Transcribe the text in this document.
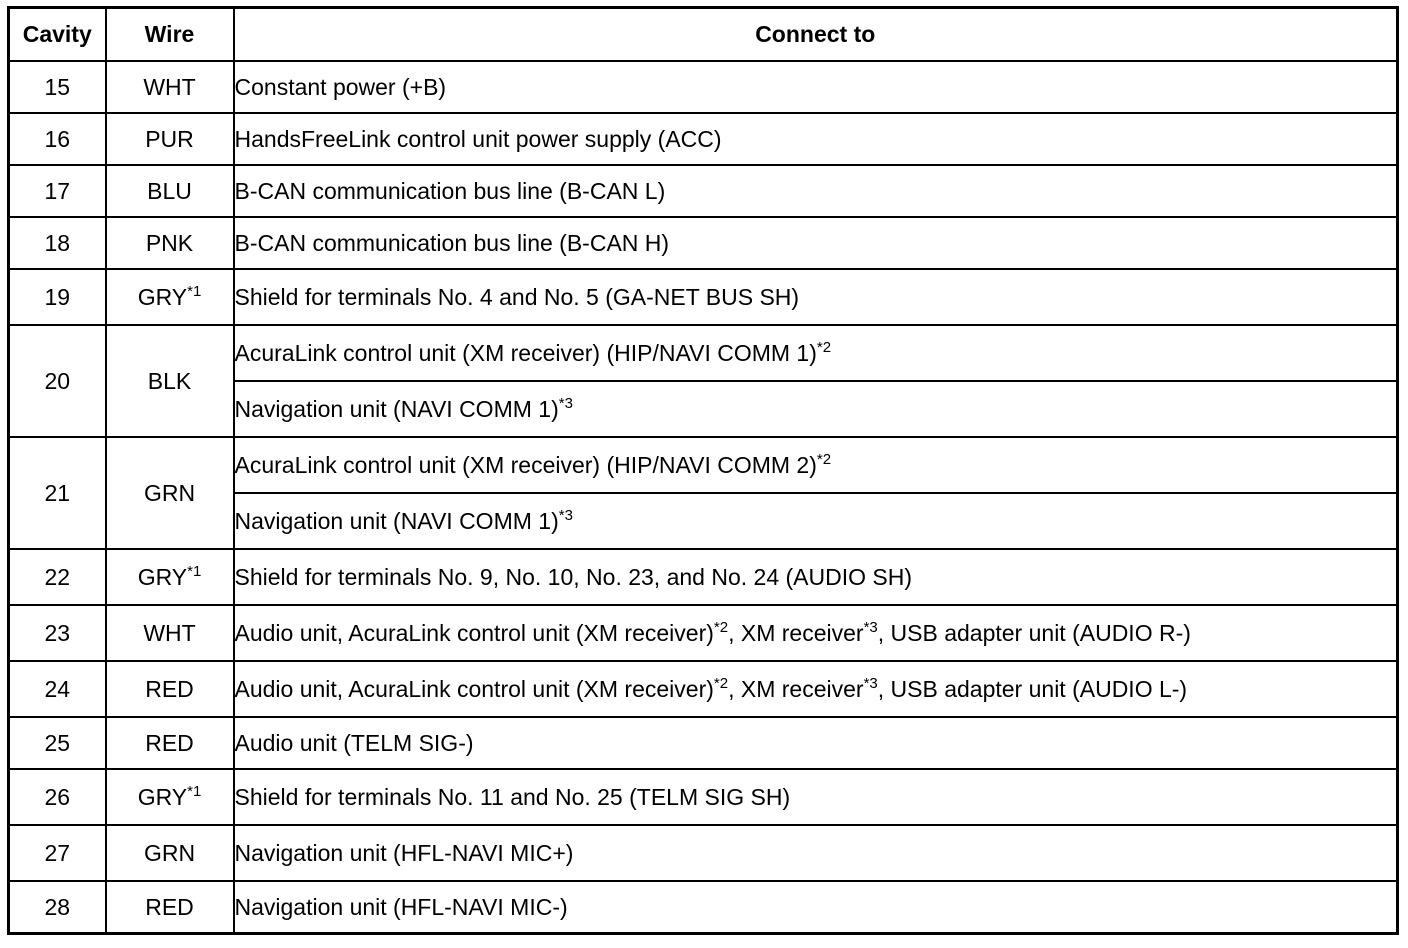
Cavity	Wire	Connect to
15	WHT	Constant power (+B)
16	PUR	HandsFreeLink control unit power supply (ACC)
17	BLU	B-CAN communication bus line (B-CAN L)
18	PNK	B-CAN communication bus line (B-CAN H)
19	GRY$^{*1}$	Shield for terminals No. 4 and No. 5 (GA-NET BUS SH)
20	BLK	AcuraLink control unit (XM receiver) (HIP/NAVI COMM 1)$^{*2}$
		Navigation unit (NAVI COMM 1)$^{*3}$
21	GRN	AcuraLink control unit (XM receiver) (HIP/NAVI COMM 2)$^{*2}$
		Navigation unit (NAVI COMM 1)$^{*3}$
22	GRY$^{*1}$	Shield for terminals No. 9, No. 10, No. 23, and No. 24 (AUDIO SH)
23	WHT	Audio unit, AcuraLink control unit (XM receiver)$^{*2}$, XM receiver$^{*3}$, USB adapter unit (AUDIO R-)
24	RED	Audio unit, AcuraLink control unit (XM receiver)$^{*2}$, XM receiver$^{*3}$, USB adapter unit (AUDIO L-)
25	RED	Audio unit (TELM SIG-)
26	GRY$^{*1}$	Shield for terminals No. 11 and No. 25 (TELM SIG SH)
27	GRN	Navigation unit (HFL-NAVI MIC+)
28	RED	Navigation unit (HFL-NAVI MIC-)
